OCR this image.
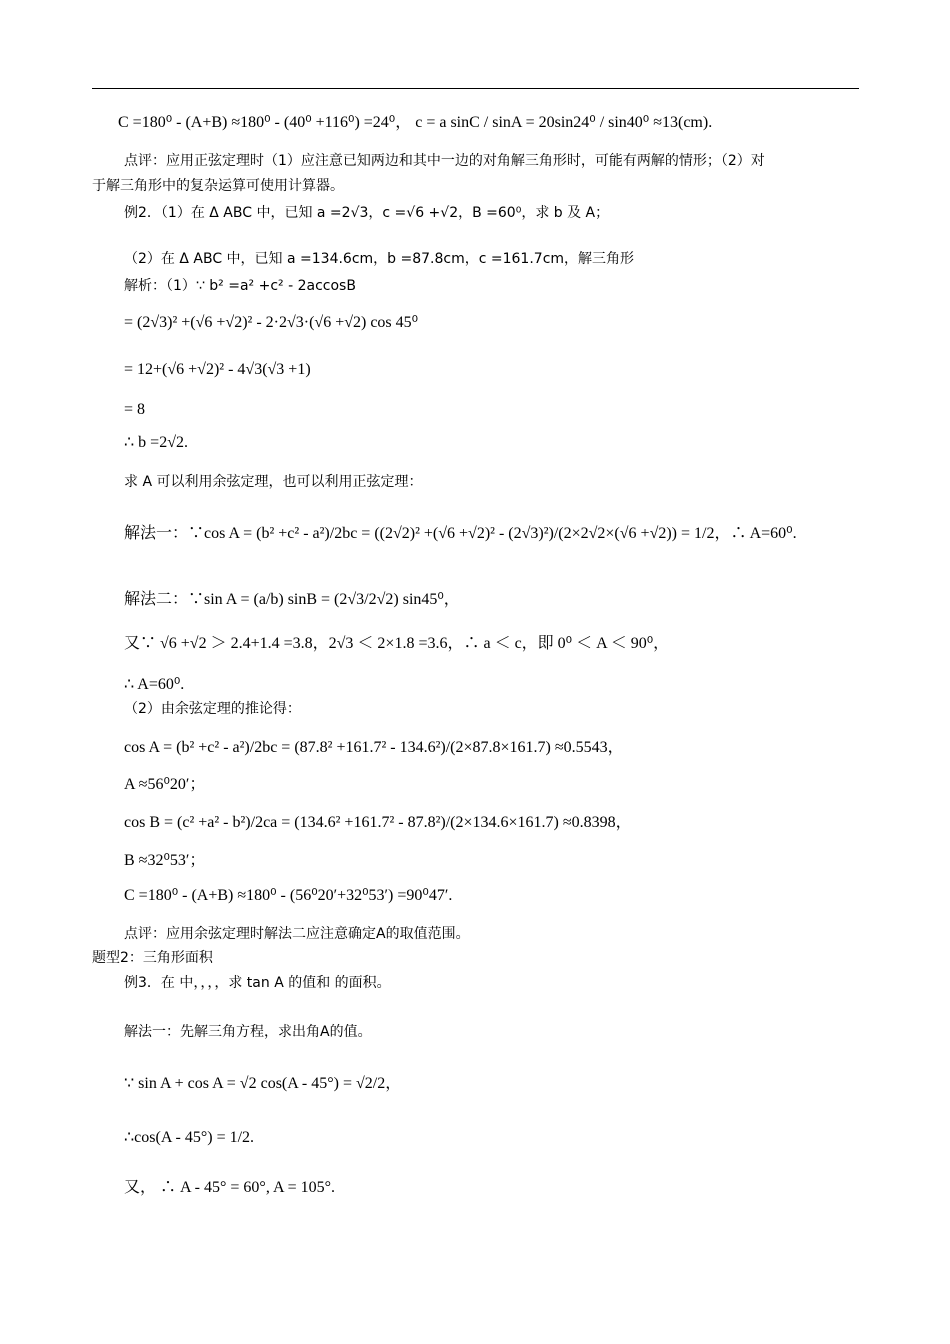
C =180⁰ - (A+B) ≈180⁰ - (40⁰ +116⁰) =24⁰， c = a sinC / sinA = 20sin24⁰ / sin40⁰ ≈13(cm).
点评：应用正弦定理时（1）应注意已知两边和其中一边的对角解三角形时，可能有两解的情形；（2）对
于解三角形中的复杂运算可使用计算器。
例2．（1）在 Δ ABC 中，已知 a =2√3，c =√6 +√2，B =60⁰，求 b 及 A；
（2）在 Δ ABC 中，已知 a =134.6cm，b =87.8cm，c =161.7cm，解三角形
解析：（1）∵ b² =a² +c² - 2accosB
= (2√3)² +(√6 +√2)² - 2·2√3·(√6 +√2) cos 45⁰
= 12+(√6 +√2)² - 4√3(√3 +1)
= 8
∴ b =2√2.
求 A 可以利用余弦定理，也可以利用正弦定理：
解法一：∵cos A = (b² +c² - a²)/2bc = ((2√2)² +(√6 +√2)² - (2√3)²)/(2×2√2×(√6 +√2)) = 1/2，∴ A=60⁰.
解法二：∵sin A = (a/b) sinB = (2√3/2√2) sin45⁰，
又∵ √6 +√2 ＞ 2.4+1.4 =3.8，2√3 ＜ 2×1.8 =3.6，∴ a ＜ c，即 0⁰ ＜ A ＜ 90⁰，
∴ A=60⁰.
（2）由余弦定理的推论得：
cos A = (b² +c² - a²)/2bc = (87.8² +161.7² - 134.6²)/(2×87.8×161.7) ≈0.5543，
A ≈56⁰20′；
cos B = (c² +a² - b²)/2ca = (134.6² +161.7² - 87.8²)/(2×134.6×161.7) ≈0.8398，
B ≈32⁰53′；
C =180⁰ - (A+B) ≈180⁰ - (56⁰20′+32⁰53′) =90⁰47′.
点评：应用余弦定理时解法二应注意确定A的取值范围。
题型2：三角形面积
例3．在 中，，，，求 tan A 的值和 的面积。
解法一：先解三角方程，求出角A的值。
∵ sin A + cos A = √2 cos(A - 45°) = √2/2，
∴cos(A - 45°) = 1/2.
又， ∴ A - 45° = 60°, A = 105°.
